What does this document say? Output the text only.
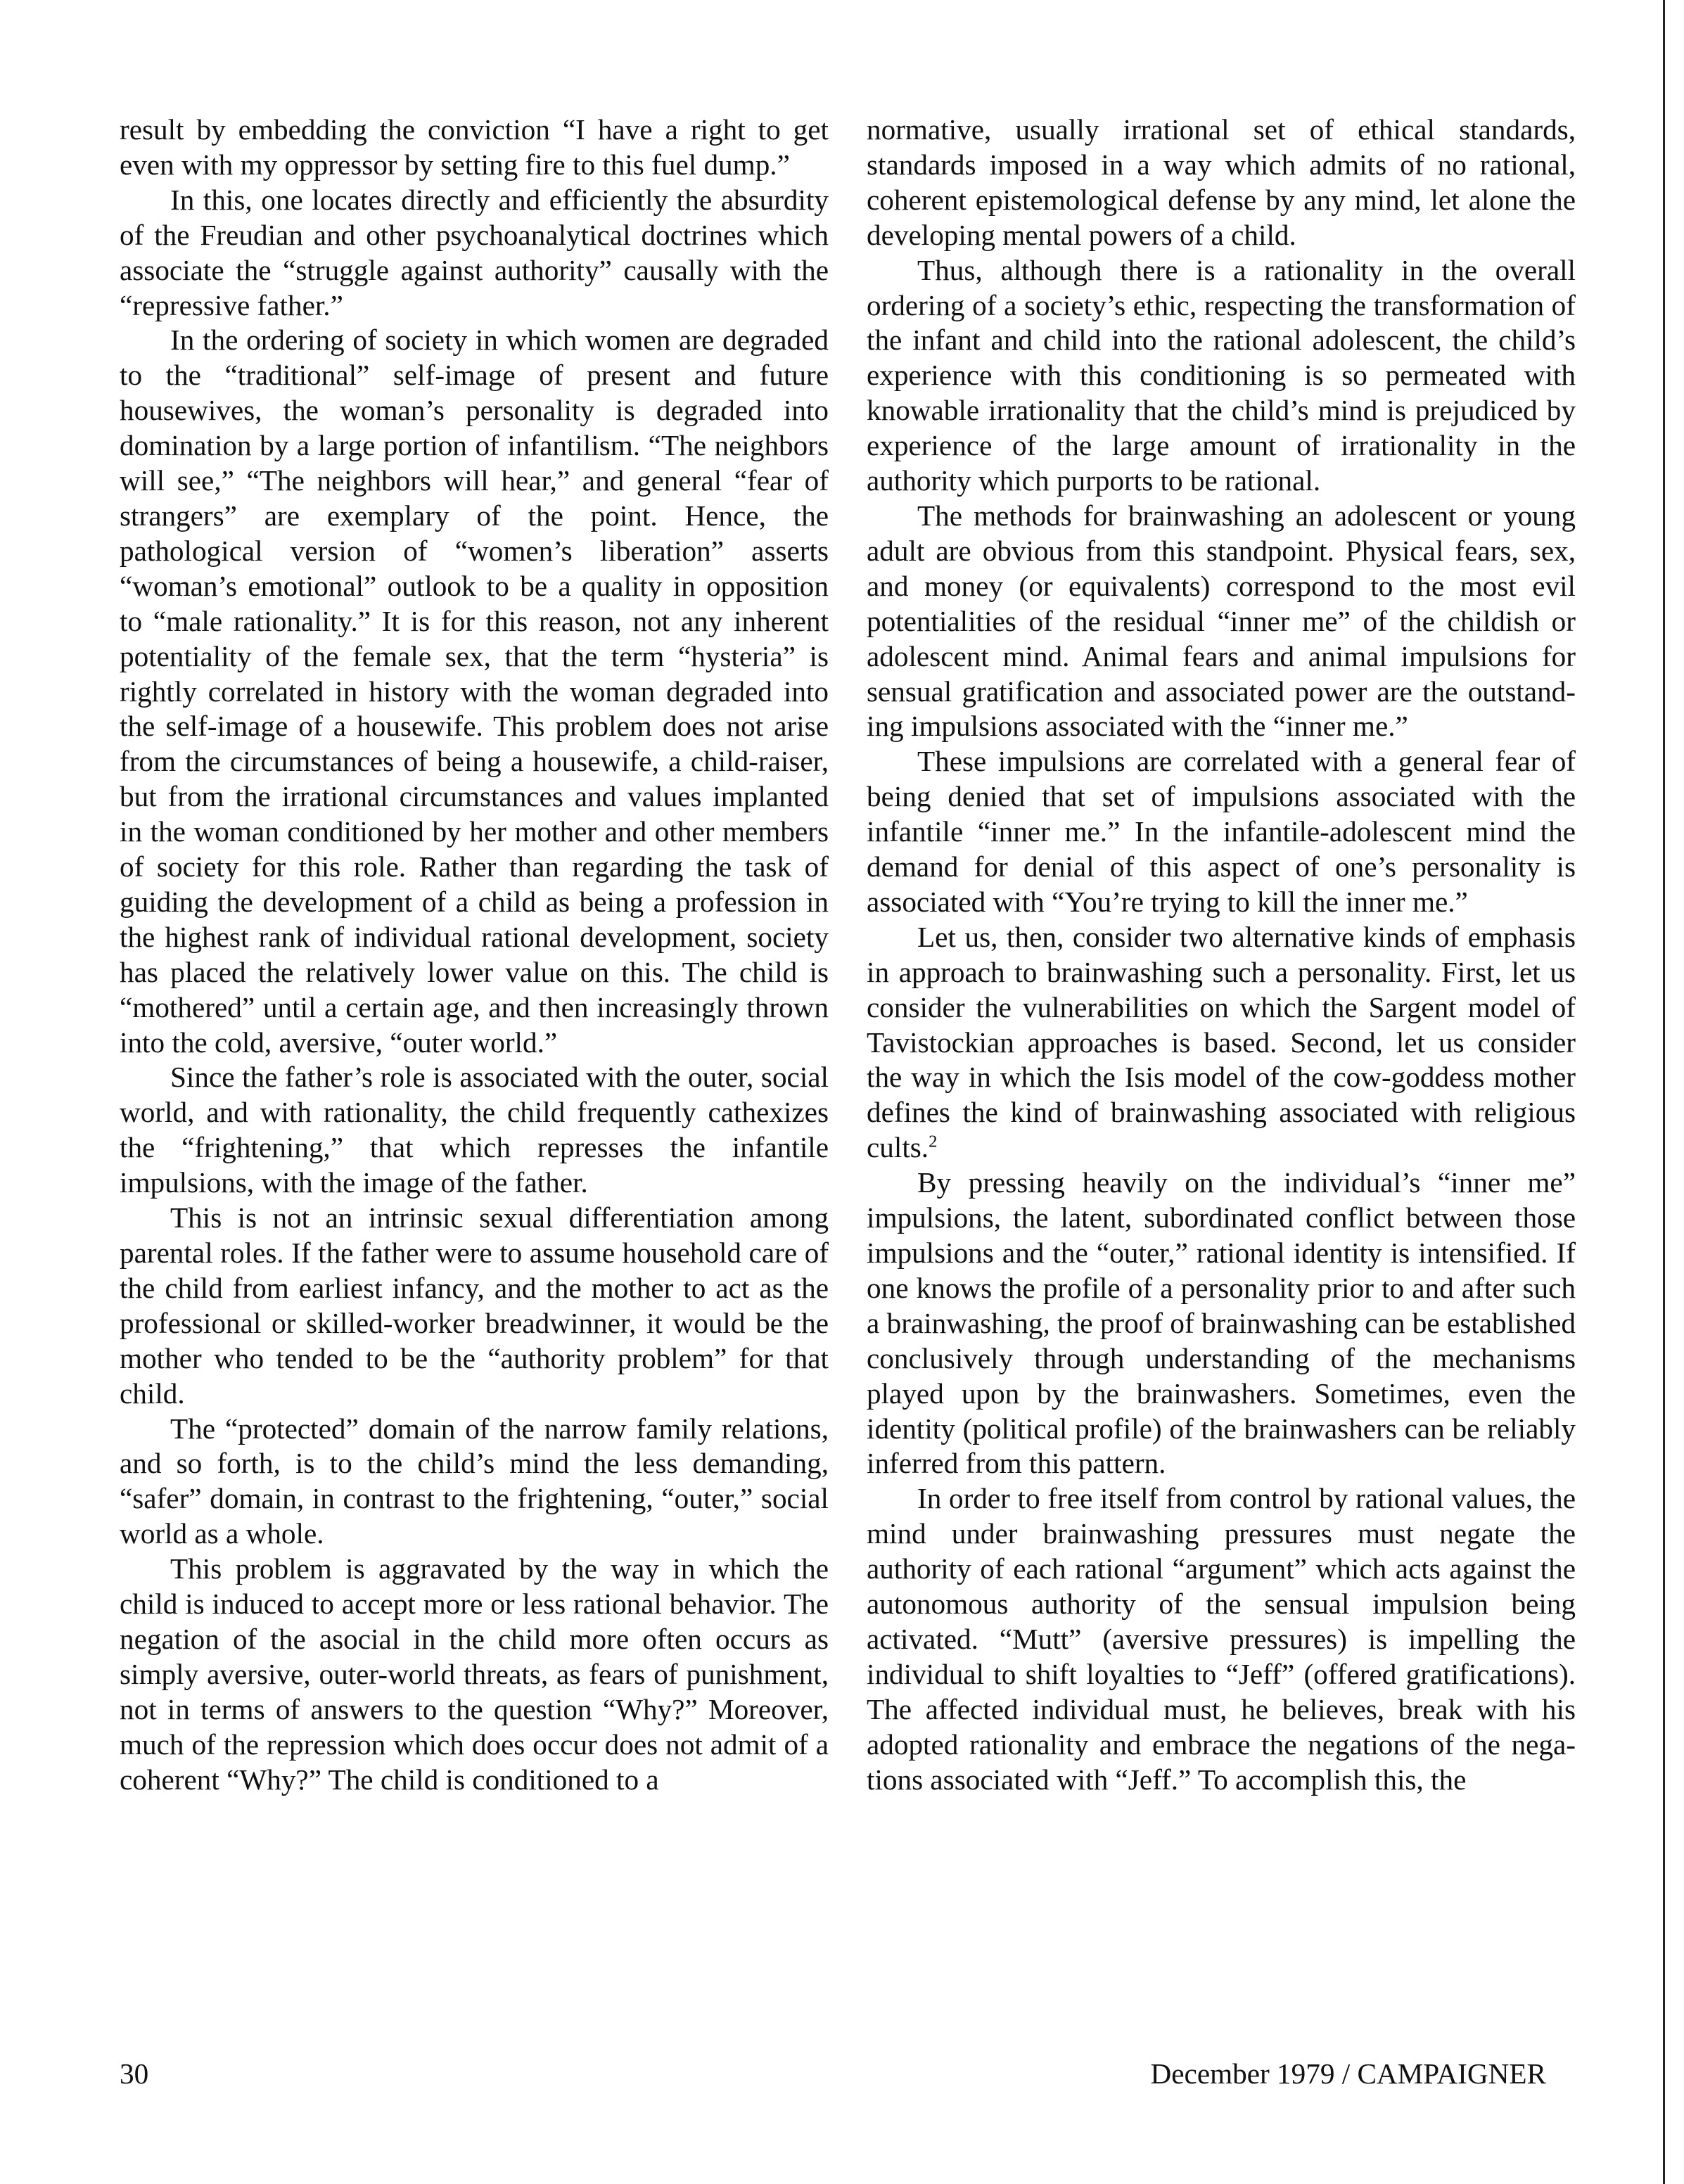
result by embedding the conviction “I have a right to get even with my oppressor by setting fire to this fuel dump.”

In this, one locates directly and efficiently the absurdity of the Freudian and other psychoanalytical doctrines which associate the “struggle against authority” causally with the “repressive father.”

In the ordering of society in which women are degraded to the “traditional” self-image of present and future housewives, the woman’s personality is degraded into domination by a large portion of infantilism. “The neighbors will see,” “The neighbors will hear,” and general “fear of strangers” are exemplary of the point. Hence, the pathological version of “women’s liberation” asserts “woman’s emotional” outlook to be a quality in opposition to “male rationality.” It is for this reason, not any inherent potentiality of the female sex, that the term “hysteria” is rightly correlated in history with the woman degraded into the self-image of a housewife. This problem does not arise from the circumstances of being a housewife, a child-raiser, but from the irrational circumstances and values implanted in the woman conditioned by her mother and other members of society for this role. Rather than regarding the task of guiding the development of a child as being a profession in the highest rank of individual rational development, society has placed the relatively lower value on this. The child is “mothered” until a certain age, and then increasingly thrown into the cold, aversive, “outer world.”

Since the father’s role is associated with the outer, social world, and with rationality, the child frequently cathexizes the “frightening,” that which represses the infantile impulsions, with the image of the father.

This is not an intrinsic sexual differentiation among parental roles. If the father were to assume household care of the child from earliest infancy, and the mother to act as the professional or skilled-worker breadwinner, it would be the mother who tended to be the “authority problem” for that child.

The “protected” domain of the narrow family relations, and so forth, is to the child’s mind the less demanding, “safer” domain, in contrast to the frightening, “outer,” social world as a whole.

This problem is aggravated by the way in which the child is induced to accept more or less rational behavior. The negation of the asocial in the child more often occurs as simply aversive, outer-world threats, as fears of punishment, not in terms of answers to the question “Why?” Moreover, much of the repression which does occur does not admit of a coherent “Why?” The child is conditioned to a

normative, usually irrational set of ethical standards, standards imposed in a way which admits of no rational, coherent epistemological defense by any mind, let alone the developing mental powers of a child.

Thus, although there is a rationality in the overall ordering of a society’s ethic, respecting the transformation of the infant and child into the rational adolescent, the child’s experience with this conditioning is so permeated with knowable irrationality that the child’s mind is prejudiced by experience of the large amount of irrationality in the authority which purports to be rational.

The methods for brainwashing an adolescent or young adult are obvious from this standpoint. Physical fears, sex, and money (or equivalents) correspond to the most evil potentialities of the residual “inner me” of the childish or adolescent mind. Animal fears and animal impulsions for sensual gratification and associated power are the outstanding impulsions associated with the “inner me.”

These impulsions are correlated with a general fear of being denied that set of impulsions associated with the infantile “inner me.” In the infantile-adolescent mind the demand for denial of this aspect of one’s personality is associated with “You’re trying to kill the inner me.”

Let us, then, consider two alternative kinds of emphasis in approach to brainwashing such a personality. First, let us consider the vulnerabilities on which the Sargent model of Tavistockian approaches is based. Second, let us consider the way in which the Isis model of the cow-goddess mother defines the kind of brainwashing associated with religious cults.$^2$

By pressing heavily on the individual’s “inner me” impulsions, the latent, subordinated conflict between those impulsions and the “outer,” rational identity is intensified. If one knows the profile of a personality prior to and after such a brainwashing, the proof of brainwashing can be established conclusively through understanding of the mechanisms played upon by the brainwashers. Sometimes, even the identity (political profile) of the brainwashers can be reliably inferred from this pattern.

In order to free itself from control by rational values, the mind under brainwashing pressures must negate the authority of each rational “argument” which acts against the autonomous authority of the sensual impulsion being activated. “Mutt” (aversive pressures) is impelling the individual to shift loyalties to “Jeff” (offered gratifications). The affected individual must, he believes, break with his adopted rationality and embrace the negations of the negations associated with “Jeff.” To accomplish this, the

30	December 1979 / CAMPAIGNER
